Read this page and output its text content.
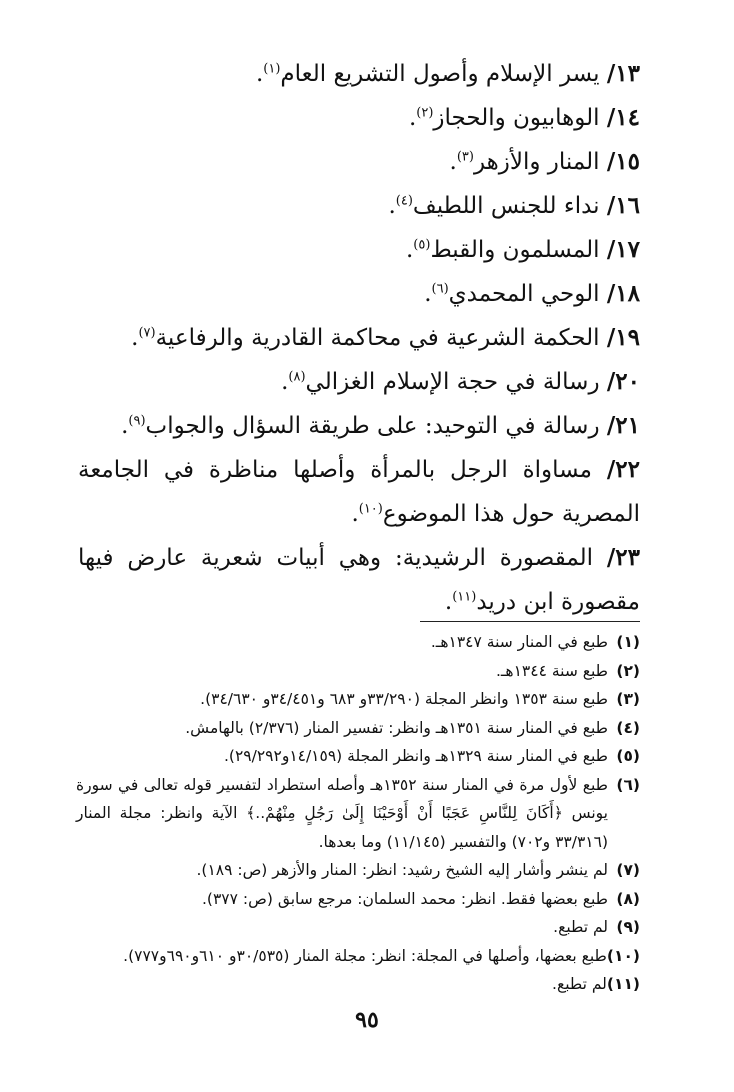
١٣/ يسر الإسلام وأصول التشريع العام$^{(١)}$.

١٤/ الوهابيون والحجاز$^{(٢)}$.

١٥/ المنار والأزهر$^{(٣)}$.

١٦/ نداء للجنس اللطيف$^{(٤)}$.

١٧/ المسلمون والقبط$^{(٥)}$.

١٨/ الوحي المحمدي$^{(٦)}$.

١٩/ الحكمة الشرعية في محاكمة القادرية والرفاعية$^{(٧)}$.

٢٠/ رسالة في حجة الإسلام الغزالي$^{(٨)}$.

٢١/ رسالة في التوحيد: على طريقة السؤال والجواب$^{(٩)}$.

٢٢/ مساواة الرجل بالمرأة وأصلها مناظرة في الجامعة المصرية حول هذا الموضوع$^{(١٠)}$.

٢٣/ المقصورة الرشيدية: وهي أبيات شعرية عارض فيها مقصورة ابن دريد$^{(١١)}$.

(١)
طبع في المنار سنة ١٣٤٧هـ.
(٢)
طبع سنة ١٣٤٤هـ.
(٣)
طبع سنة ١٣٥٣ وانظر المجلة (٣٣/٢٩٠و ٦٨٣ و٣٤/٤٥١و ٣٤/٦٣٠).
(٤)
طبع في المنار سنة ١٣٥١هـ وانظر: تفسير المنار (٢/٣٧٦) بالهامش.
(٥)
طبع في المنار سنة ١٣٢٩هـ وانظر المجلة (١٤/١٥٩و٢٩/٢٩٢).
(٦)
طبع لأول مرة في المنار سنة ١٣٥٢هـ وأصله استطراد لتفسير قوله تعالى في سورة يونس ﴿أَكَانَ لِلنَّاسِ عَجَبًا أَنْ أَوْحَيْنَا إِلَىٰ رَجُلٍ مِنْهُمْ..﴾ الآية وانظر: مجلة المنار (٣٣/٣١٦ و٧٠٢) والتفسير (١١/١٤٥) وما بعدها.
(٧)
لم ينشر وأشار إليه الشيخ رشيد: انظر: المنار والأزهر (ص: ١٨٩).
(٨)
طبع بعضها فقط. انظر: محمد السلمان: مرجع سابق (ص: ٣٧٧).
(٩)
لم تطبع.
(١٠)
طبع بعضها، وأصلها في المجلة: انظر: مجلة المنار (٣٠/٥٣٥و ٦١٠و٦٩٠و٧٧٧).
(١١)
لم تطبع.
٩٥
